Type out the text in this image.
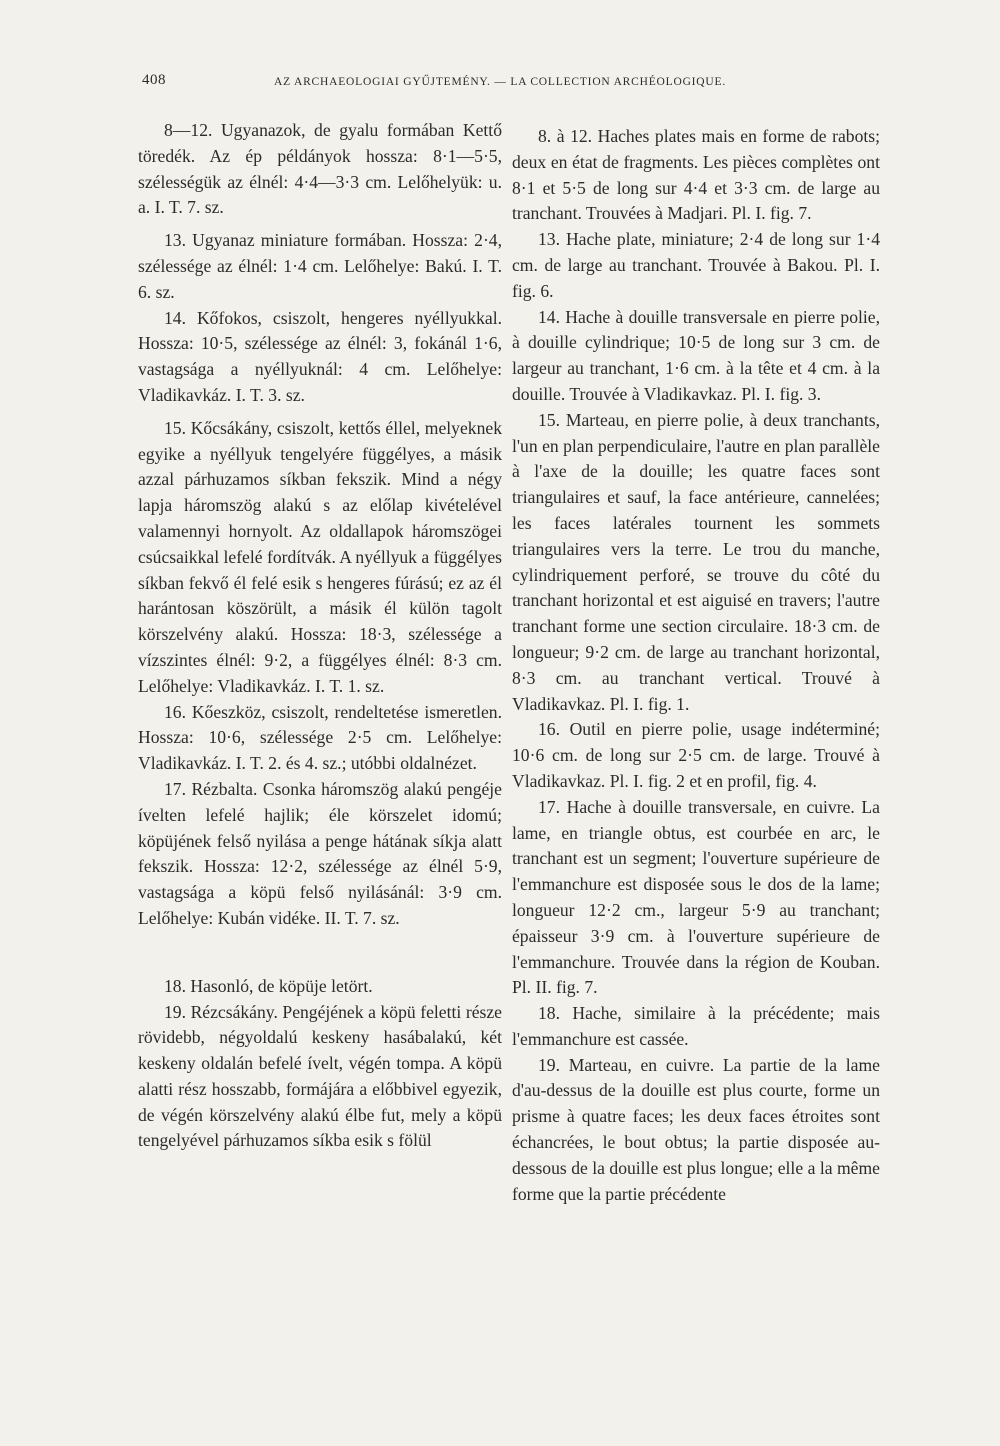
408	AZ ARCHAEOLOGIAI GYŰJTEMÉNY. — LA COLLECTION ARCHÉOLOGIQUE.

8—12. Ugyanazok, de gyalu formában Kettő töredék. Az ép példányok hossza: 8·1—5·5, szélességük az élnél: 4·4—3·3 cm. Lelőhelyük: u. a. I. T. 7. sz.

13. Ugyanaz miniature formában. Hossza: 2·4, szélessége az élnél: 1·4 cm. Lelőhelye: Bakú. I. T. 6. sz.

14. Kőfokos, csiszolt, hengeres nyéllyukkal. Hossza: 10·5, szélessége az élnél: 3, fokánál 1·6, vastagsága a nyéllyuknál: 4 cm. Lelőhelye: Vladikavkáz. I. T. 3. sz.

15. Kőcsákány, csiszolt, kettős éllel, melyeknek egyike a nyéllyuk tengelyére függélyes, a másik azzal párhuzamos síkban fekszik. Mind a négy lapja háromszög alakú s az előlap kivételével valamennyi hornyolt. Az oldallapok háromszögei csúcsaikkal lefelé fordítvák. A nyéllyuk a függélyes síkban fekvő él felé esik s hengeres fúrású; ez az él harántosan köszörült, a másik él külön tagolt körszelvény alakú. Hossza: 18·3, szélessége a vízszintes élnél: 9·2, a függélyes élnél: 8·3 cm. Lelőhelye: Vladikavkáz. I. T. 1. sz.

16. Kőeszköz, csiszolt, rendeltetése ismeretlen. Hossza: 10·6, szélessége 2·5 cm. Lelőhelye: Vladikavkáz. I. T. 2. és 4. sz.; utóbbi oldalnézet.

17. Rézbalta. Csonka háromszög alakú pengéje ívelten lefelé hajlik; éle körszelet idomú; köpüjének felső nyilása a penge hátának síkja alatt fekszik. Hossza: 12·2, szélessége az élnél 5·9, vastagsága a köpü felső nyilásánál: 3·9 cm. Lelőhelye: Kubán vidéke. II. T. 7. sz.

18. Hasonló, de köpüje letört.

19. Rézcsákány. Pengéjének a köpü feletti része rövidebb, négyoldalú keskeny hasábalakú, két keskeny oldalán befelé ívelt, végén tompa. A köpü alatti rész hosszabb, formájára a előbbivel egyezik, de végén körszelvény alakú élbe fut, mely a köpü tengelyével párhuzamos síkba esik s fölül

8. à 12. Haches plates mais en forme de rabots; deux en état de fragments. Les pièces complètes ont 8·1 et 5·5 de long sur 4·4 et 3·3 cm. de large au tranchant. Trouvées à Madjari. Pl. I. fig. 7.

13. Hache plate, miniature; 2·4 de long sur 1·4 cm. de large au tranchant. Trouvée à Bakou. Pl. I. fig. 6.

14. Hache à douille transversale en pierre polie, à douille cylindrique; 10·5 de long sur 3 cm. de largeur au tranchant, 1·6 cm. à la tête et 4 cm. à la douille. Trouvée à Vladikavkaz. Pl. I. fig. 3.

15. Marteau, en pierre polie, à deux tranchants, l'un en plan perpendiculaire, l'autre en plan parallèle à l'axe de la douille; les quatre faces sont triangulaires et sauf, la face antérieure, cannelées; les faces latérales tournent les sommets triangulaires vers la terre. Le trou du manche, cylindriquement perforé, se trouve du côté du tranchant horizontal et est aiguisé en travers; l'autre tranchant forme une section circulaire. 18·3 cm. de longueur; 9·2 cm. de large au tranchant horizontal, 8·3 cm. au tranchant vertical. Trouvé à Vladikavkaz. Pl. I. fig. 1.

16. Outil en pierre polie, usage indéterminé; 10·6 cm. de long sur 2·5 cm. de large. Trouvé à Vladikavkaz. Pl. I. fig. 2 et en profil, fig. 4.

17. Hache à douille transversale, en cuivre. La lame, en triangle obtus, est courbée en arc, le tranchant est un segment; l'ouverture supérieure de l'emmanchure est disposée sous le dos de la lame; longueur 12·2 cm., largeur 5·9 au tranchant; épaisseur 3·9 cm. à l'ouverture supérieure de l'emmanchure. Trouvée dans la région de Kouban. Pl. II. fig. 7.

18. Hache, similaire à la précédente; mais l'emmanchure est cassée.

19. Marteau, en cuivre. La partie de la lame d'au-dessus de la douille est plus courte, forme un prisme à quatre faces; les deux faces étroites sont échancrées, le bout obtus; la partie disposée au-dessous de la douille est plus longue; elle a la même forme que la partie précédente
